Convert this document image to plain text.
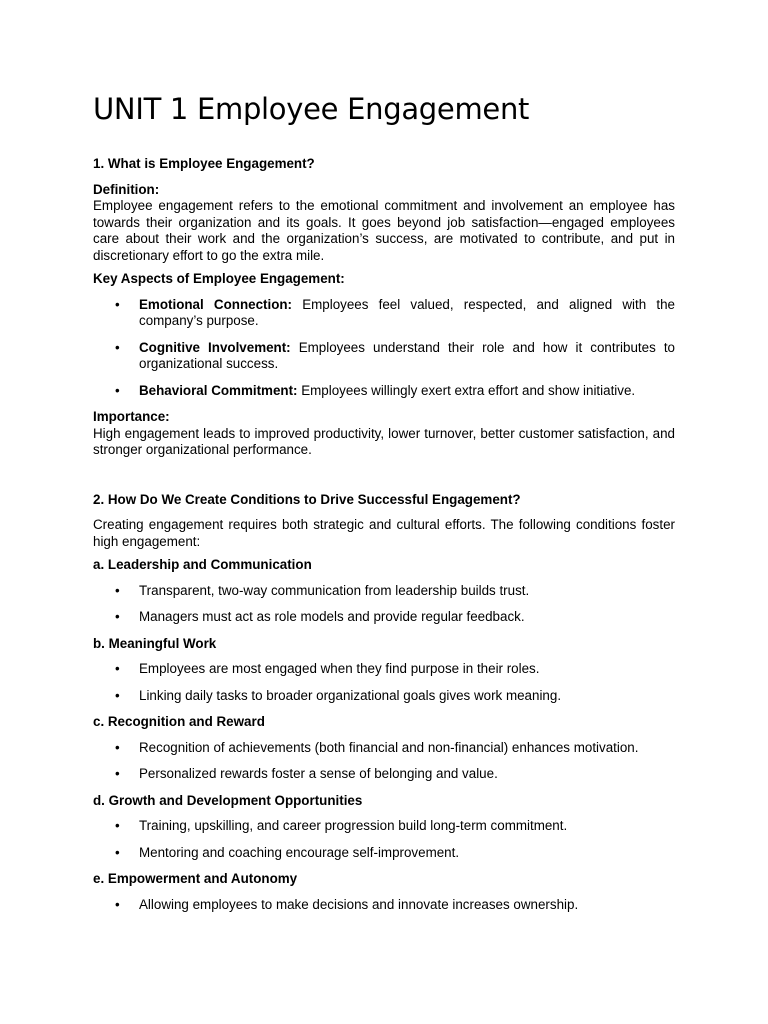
UNIT 1 Employee Engagement
1. What is Employee Engagement?
Definition:
Employee engagement refers to the emotional commitment and involvement an employee has towards their organization and its goals. It goes beyond job satisfaction—engaged employees care about their work and the organization’s success, are motivated to contribute, and put in discretionary effort to go the extra mile.
Key Aspects of Employee Engagement:
• Emotional Connection: Employees feel valued, respected, and aligned with the company’s purpose.
• Cognitive Involvement: Employees understand their role and how it contributes to organizational success.
• Behavioral Commitment: Employees willingly exert extra effort and show initiative.
Importance:
High engagement leads to improved productivity, lower turnover, better customer satisfaction, and stronger organizational performance.
2. How Do We Create Conditions to Drive Successful Engagement?
Creating engagement requires both strategic and cultural efforts. The following conditions foster high engagement:
a. Leadership and Communication
• Transparent, two-way communication from leadership builds trust.
• Managers must act as role models and provide regular feedback.
b. Meaningful Work
• Employees are most engaged when they find purpose in their roles.
• Linking daily tasks to broader organizational goals gives work meaning.
c. Recognition and Reward
• Recognition of achievements (both financial and non-financial) enhances motivation.
• Personalized rewards foster a sense of belonging and value.
d. Growth and Development Opportunities
• Training, upskilling, and career progression build long-term commitment.
• Mentoring and coaching encourage self-improvement.
e. Empowerment and Autonomy
• Allowing employees to make decisions and innovate increases ownership.
